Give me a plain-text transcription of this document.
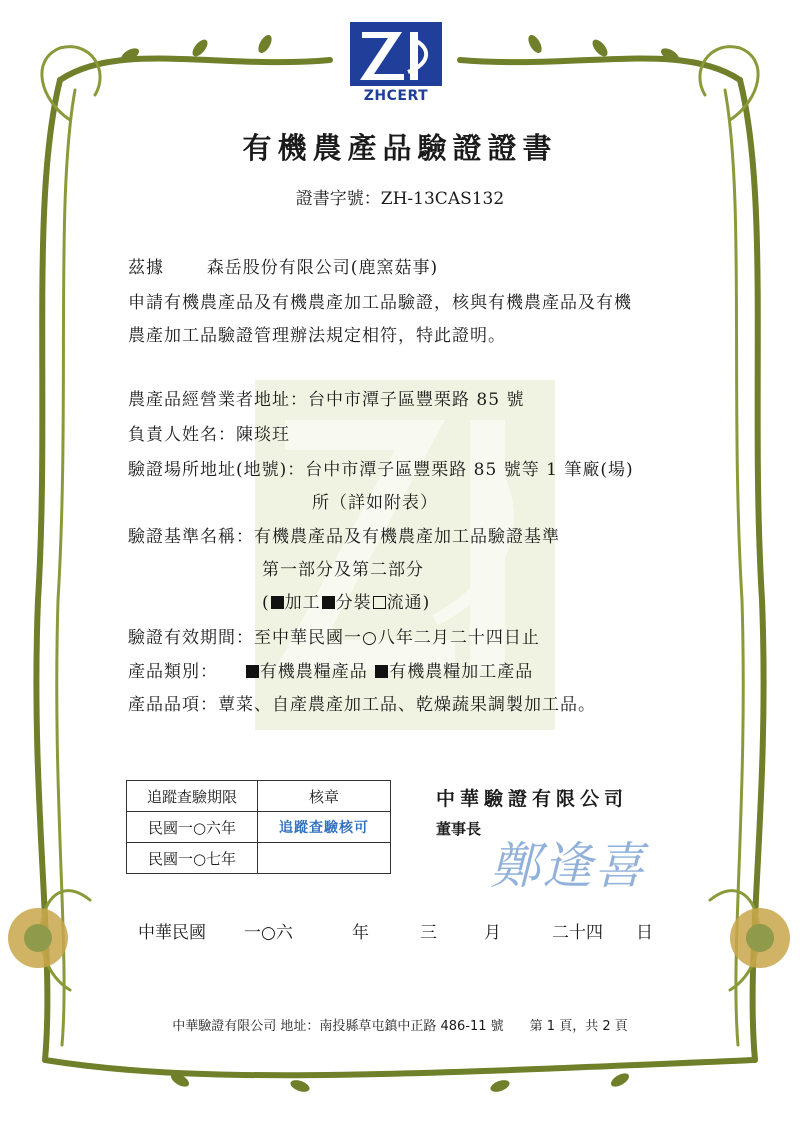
ZHCERT
有機農產品驗證證書
證書字號：ZH-13CAS132
茲據	森岳股份有限公司(鹿窯菇事)
申請有機農產品及有機農產加工品驗證，核與有機農產品及有機
農產加工品驗證管理辦法規定相符，特此證明。
農產品經營業者地址：台中市潭子區豐栗路 85 號
負責人姓名：陳琰玨
驗證場所地址(地號)：台中市潭子區豐栗路 85 號等 1 筆廠(場)
所（詳如附表）
驗證基準名稱：有機農產品及有機農產加工品驗證基準
第一部分及第二部分
( 加工 分裝 流通)
驗證有效期間：至中華民國一○八年二月二十四日止
產品類別： 有機農糧產品 有機農糧加工產品
產品品項：蕈菜、自產農產加工品、乾燥蔬果調製加工品。
追蹤查驗期限	核章
民國一○六年	追蹤查驗核可
民國一○七年	
中華驗證有限公司
董事長
鄭逢喜
中華民國 一○六	年	三	月	二十四 日
中華驗證有限公司 地址：南投縣草屯鎮中正路 486-11 號　　第 1 頁，共 2 頁
